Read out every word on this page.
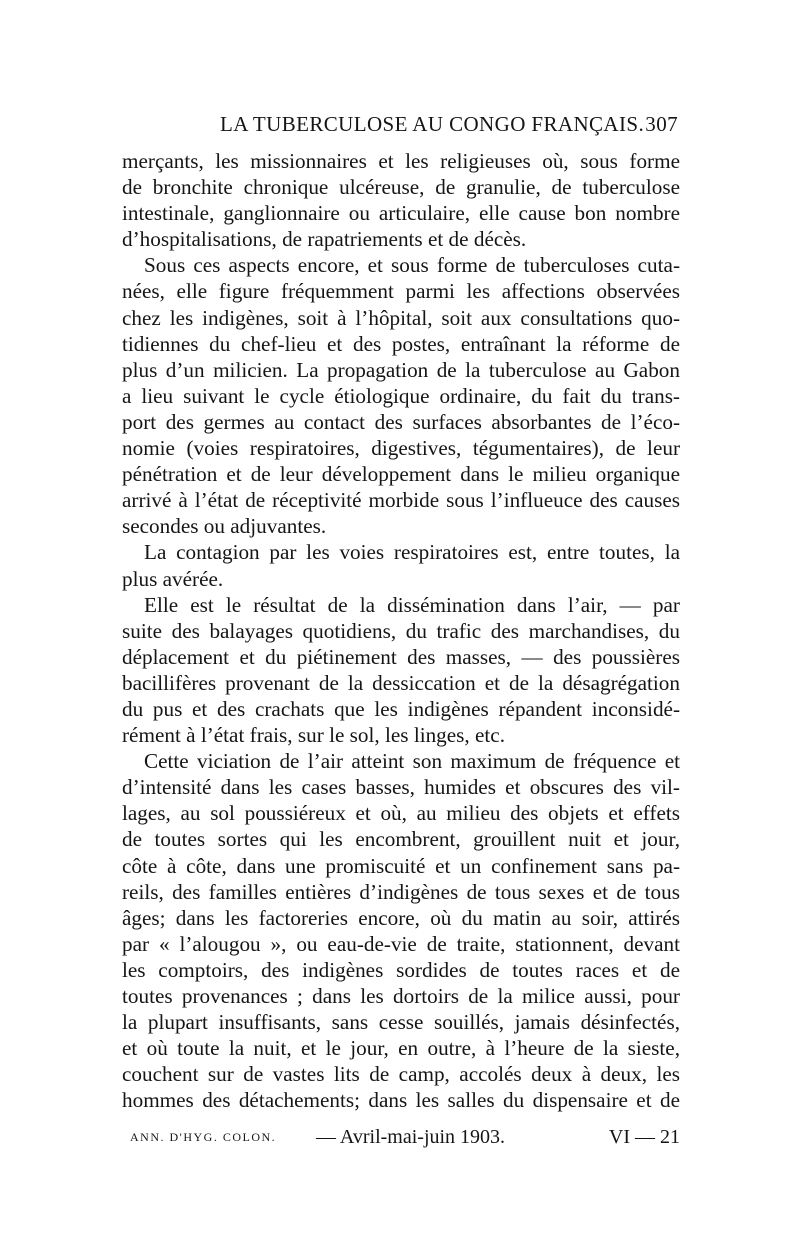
LA TUBERCULOSE AU CONGO FRANÇAIS. 307
merçants, les missionnaires et les religieuses où, sous forme
de bronchite chronique ulcéreuse, de granulie, de tuberculose
intestinale, ganglionnaire ou articulaire, elle cause bon nombre
d’hospitalisations, de rapatriements et de décès.
Sous ces aspects encore, et sous forme de tuberculoses cuta-
nées, elle figure fréquemment parmi les affections observées
chez les indigènes, soit à l’hôpital, soit aux consultations quo-
tidiennes du chef-lieu et des postes, entraînant la réforme de
plus d’un milicien. La propagation de la tuberculose au Gabon
a lieu suivant le cycle étiologique ordinaire, du fait du trans-
port des germes au contact des surfaces absorbantes de l’éco-
nomie (voies respiratoires, digestives, tégumentaires), de leur
pénétration et de leur développement dans le milieu organique
arrivé à l’état de réceptivité morbide sous l’influeuce des causes
secondes ou adjuvantes.
La contagion par les voies respiratoires est, entre toutes, la
plus avérée.
Elle est le résultat de la dissémination dans l’air, — par
suite des balayages quotidiens, du trafic des marchandises, du
déplacement et du piétinement des masses, — des poussières
bacillifères provenant de la dessiccation et de la désagrégation
du pus et des crachats que les indigènes répandent inconsidé-
rément à l’état frais, sur le sol, les linges, etc.
Cette viciation de l’air atteint son maximum de fréquence et
d’intensité dans les cases basses, humides et obscures des vil-
lages, au sol poussiéreux et où, au milieu des objets et effets
de toutes sortes qui les encombrent, grouillent nuit et jour,
côte à côte, dans une promiscuité et un confinement sans pa-
reils, des familles entières d’indigènes de tous sexes et de tous
âges; dans les factoreries encore, où du matin au soir, attirés
par « l’alougou », ou eau-de-vie de traite, stationnent, devant
les comptoirs, des indigènes sordides de toutes races et de
toutes provenances ; dans les dortoirs de la milice aussi, pour
la plupart insuffisants, sans cesse souillés, jamais désinfectés,
et où toute la nuit, et le jour, en outre, à l’heure de la sieste,
couchent sur de vastes lits de camp, accolés deux à deux, les
hommes des détachements; dans les salles du dispensaire et de
ANN. D'HYG. COLON. — Avril-mai-juin 1903.	VI — 21
